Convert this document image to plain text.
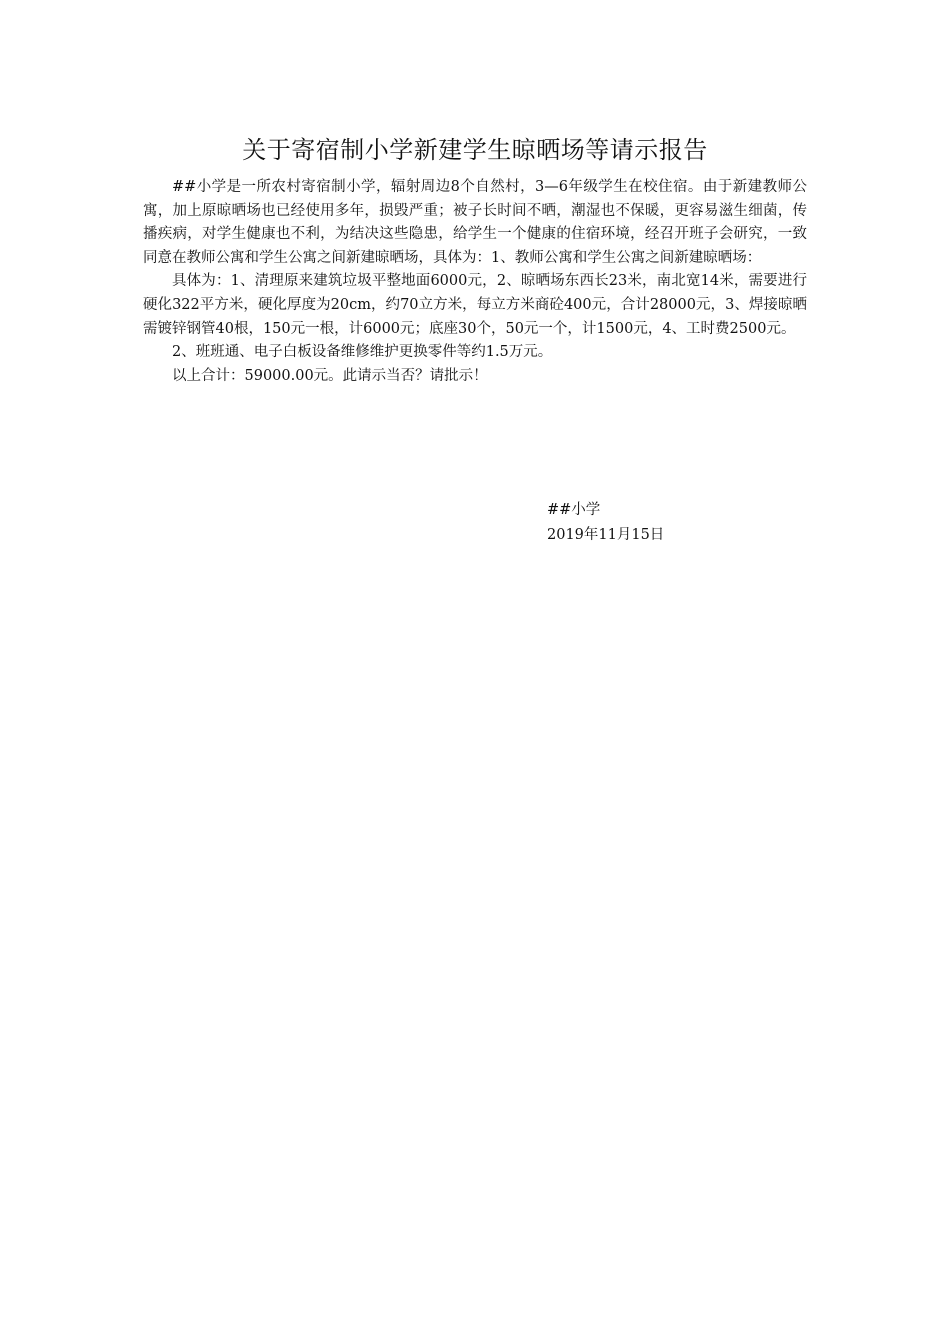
关于寄宿制小学新建学生晾晒场等请示报告

##小学是一所农村寄宿制小学，辐射周边8个自然村，3—6年级学生在校住宿。由于新建教师公寓，加上原晾晒场也已经使用多年，损毁严重；被子长时间不晒，潮湿也不保暖，更容易滋生细菌，传播疾病，对学生健康也不利，为结决这些隐患，给学生一个健康的住宿环境，经召开班子会研究，一致同意在教师公寓和学生公寓之间新建晾晒场，具体为：1、教师公寓和学生公寓之间新建晾晒场：

具体为：1、清理原来建筑垃圾平整地面6000元，2、晾晒场东西长23米，南北宽14米，需要进行硬化322平方米，硬化厚度为20cm，约70立方米，每立方米商砼400元，合计28000元，3、焊接晾晒需镀锌钢管40根，150元一根，计6000元；底座30个，50元一个，计1500元，4、工时费2500元。

2、班班通、电子白板设备维修维护更换零件等约1.5万元。

以上合计：59000.00元。此请示当否？请批示！

##小学
2019年11月15日
